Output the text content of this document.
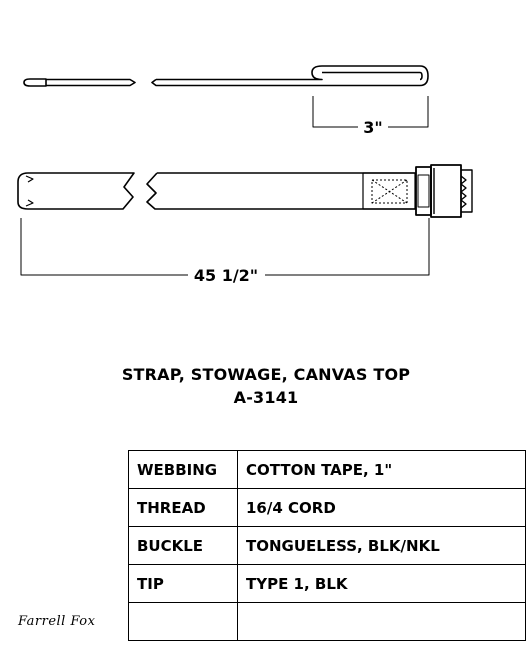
3"
45 1/2"
STRAP, STOWAGE, CANVAS TOP
A-3141
WEBBING	COTTON TAPE, 1"
THREAD	16/4 CORD
BUCKLE	TONGUELESS, BLK/NKL
TIP	TYPE 1, BLK

Farrell Fox
